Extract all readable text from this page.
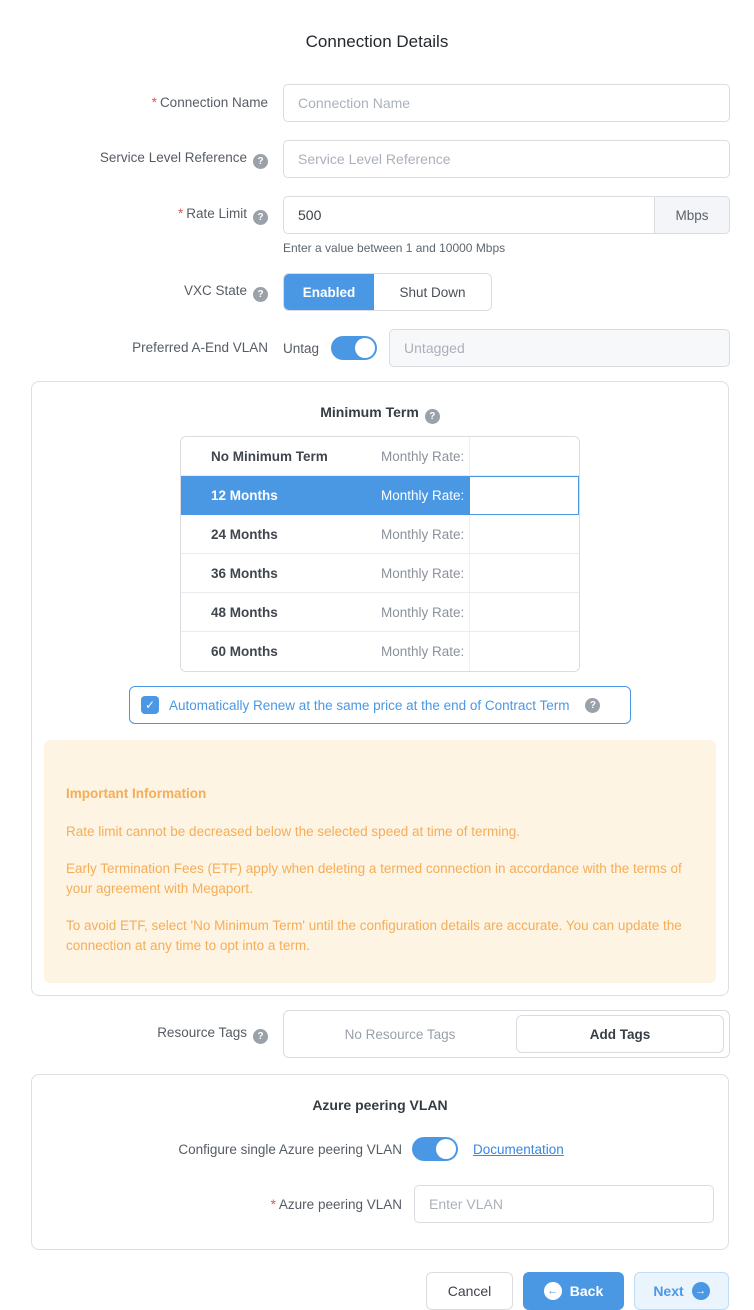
Connection Details
* Connection Name
Connection Name
Service Level Reference ?
Service Level Reference
* Rate Limit ?
500	Mbps
Enter a value between 1 and 10000 Mbps
VXC State ?	Enabled	Shut Down
Preferred A-End VLAN Untag
Untagged
Minimum Term ?
No Minimum Term	Monthly Rate:
12 Months	Monthly Rate:
24 Months	Monthly Rate:
36 Months	Monthly Rate:
48 Months	Monthly Rate:
60 Months	Monthly Rate:
✓ Automatically Renew at the same price at the end of Contract Term	?

Important Information

Rate limit cannot be decreased below the selected speed at time of terming.

Early Termination Fees (ETF) apply when deleting a termed connection in accordance with the terms of your agreement with Megaport.

To avoid ETF, select 'No Minimum Term' until the configuration details are accurate. You can update the connection at any time to opt into a term.

Resource Tags ?	No Resource Tags	Add Tags
Azure peering VLAN
Configure single Azure peering VLAN	Documentation
* Azure peering VLAN
Enter VLAN
Cancel	← Back	Next	→
